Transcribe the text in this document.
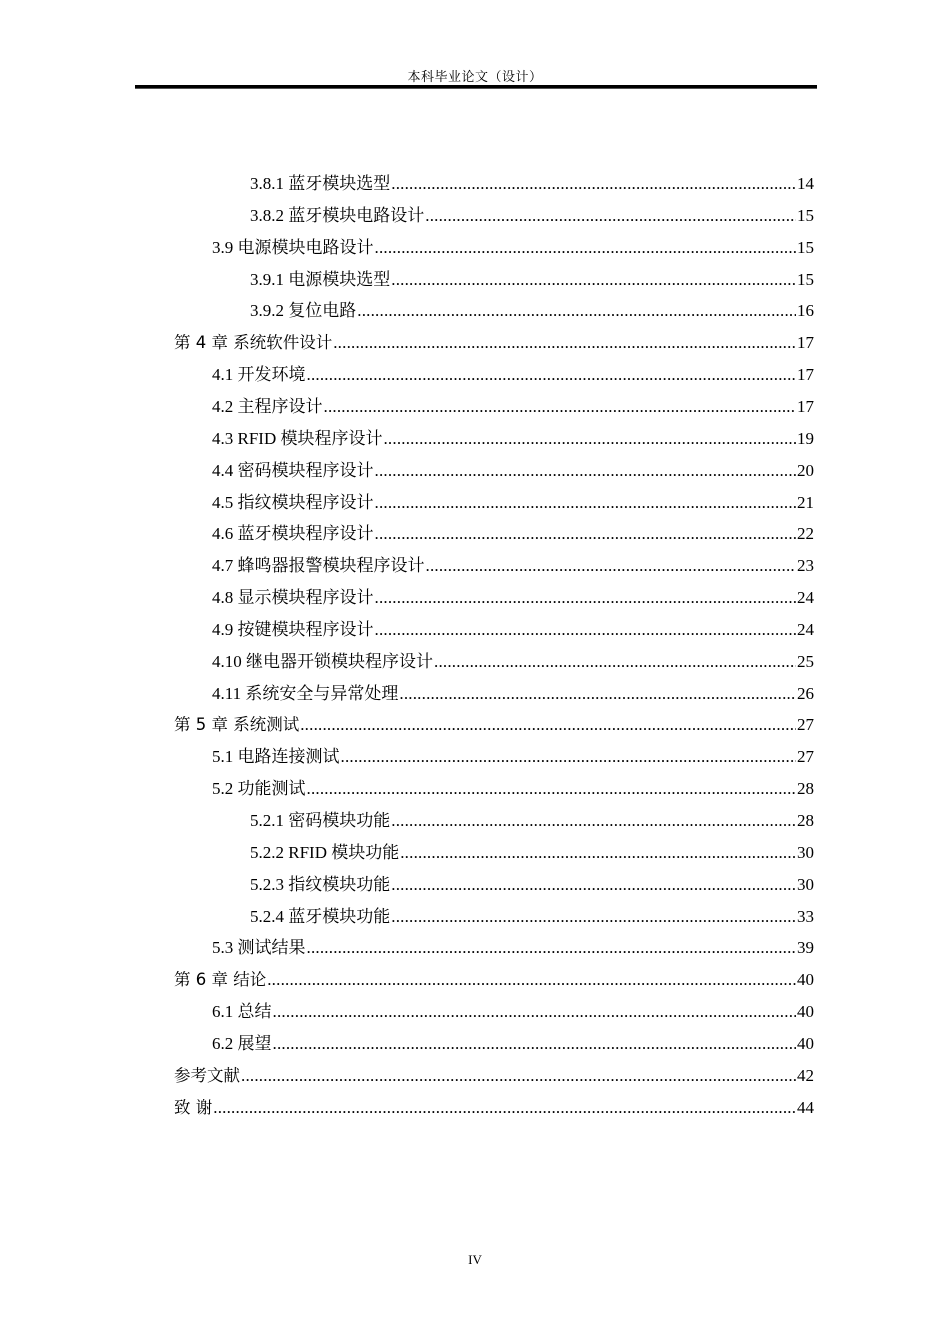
本科毕业论文（设计）
3.8.1 蓝牙模块选型 .....	14
3.8.2 蓝牙模块电路设计 .....	15
3.9 电源模块电路设计 .....	15
3.9.1 电源模块选型 .....	15
3.9.2 复位电路 .....	16
第 4 章 系统软件设计 .....	17
4.1 开发环境 .....	17
4.2 主程序设计 .....	17
4.3 RFID 模块程序设计 .....	19
4.4 密码模块程序设计 .....	20
4.5 指纹模块程序设计 .....	21
4.6 蓝牙模块程序设计 .....	22
4.7 蜂鸣器报警模块程序设计 .....	23
4.8 显示模块程序设计 .....	24
4.9 按键模块程序设计 .....	24
4.10 继电器开锁模块程序设计 .....	25
4.11 系统安全与异常处理 .....	26
第 5 章 系统测试 .....	27
5.1 电路连接测试 .....	27
5.2 功能测试 .....	28
5.2.1 密码模块功能 .....	28
5.2.2 RFID 模块功能 .....	30
5.2.3 指纹模块功能 .....	30
5.2.4 蓝牙模块功能 .....	33
5.3 测试结果 .....	39
第 6 章 结论 .....	40
6.1 总结 .....	40
6.2 展望 .....	40
参考文献 .....	42
致 谢 .....	44
IV
